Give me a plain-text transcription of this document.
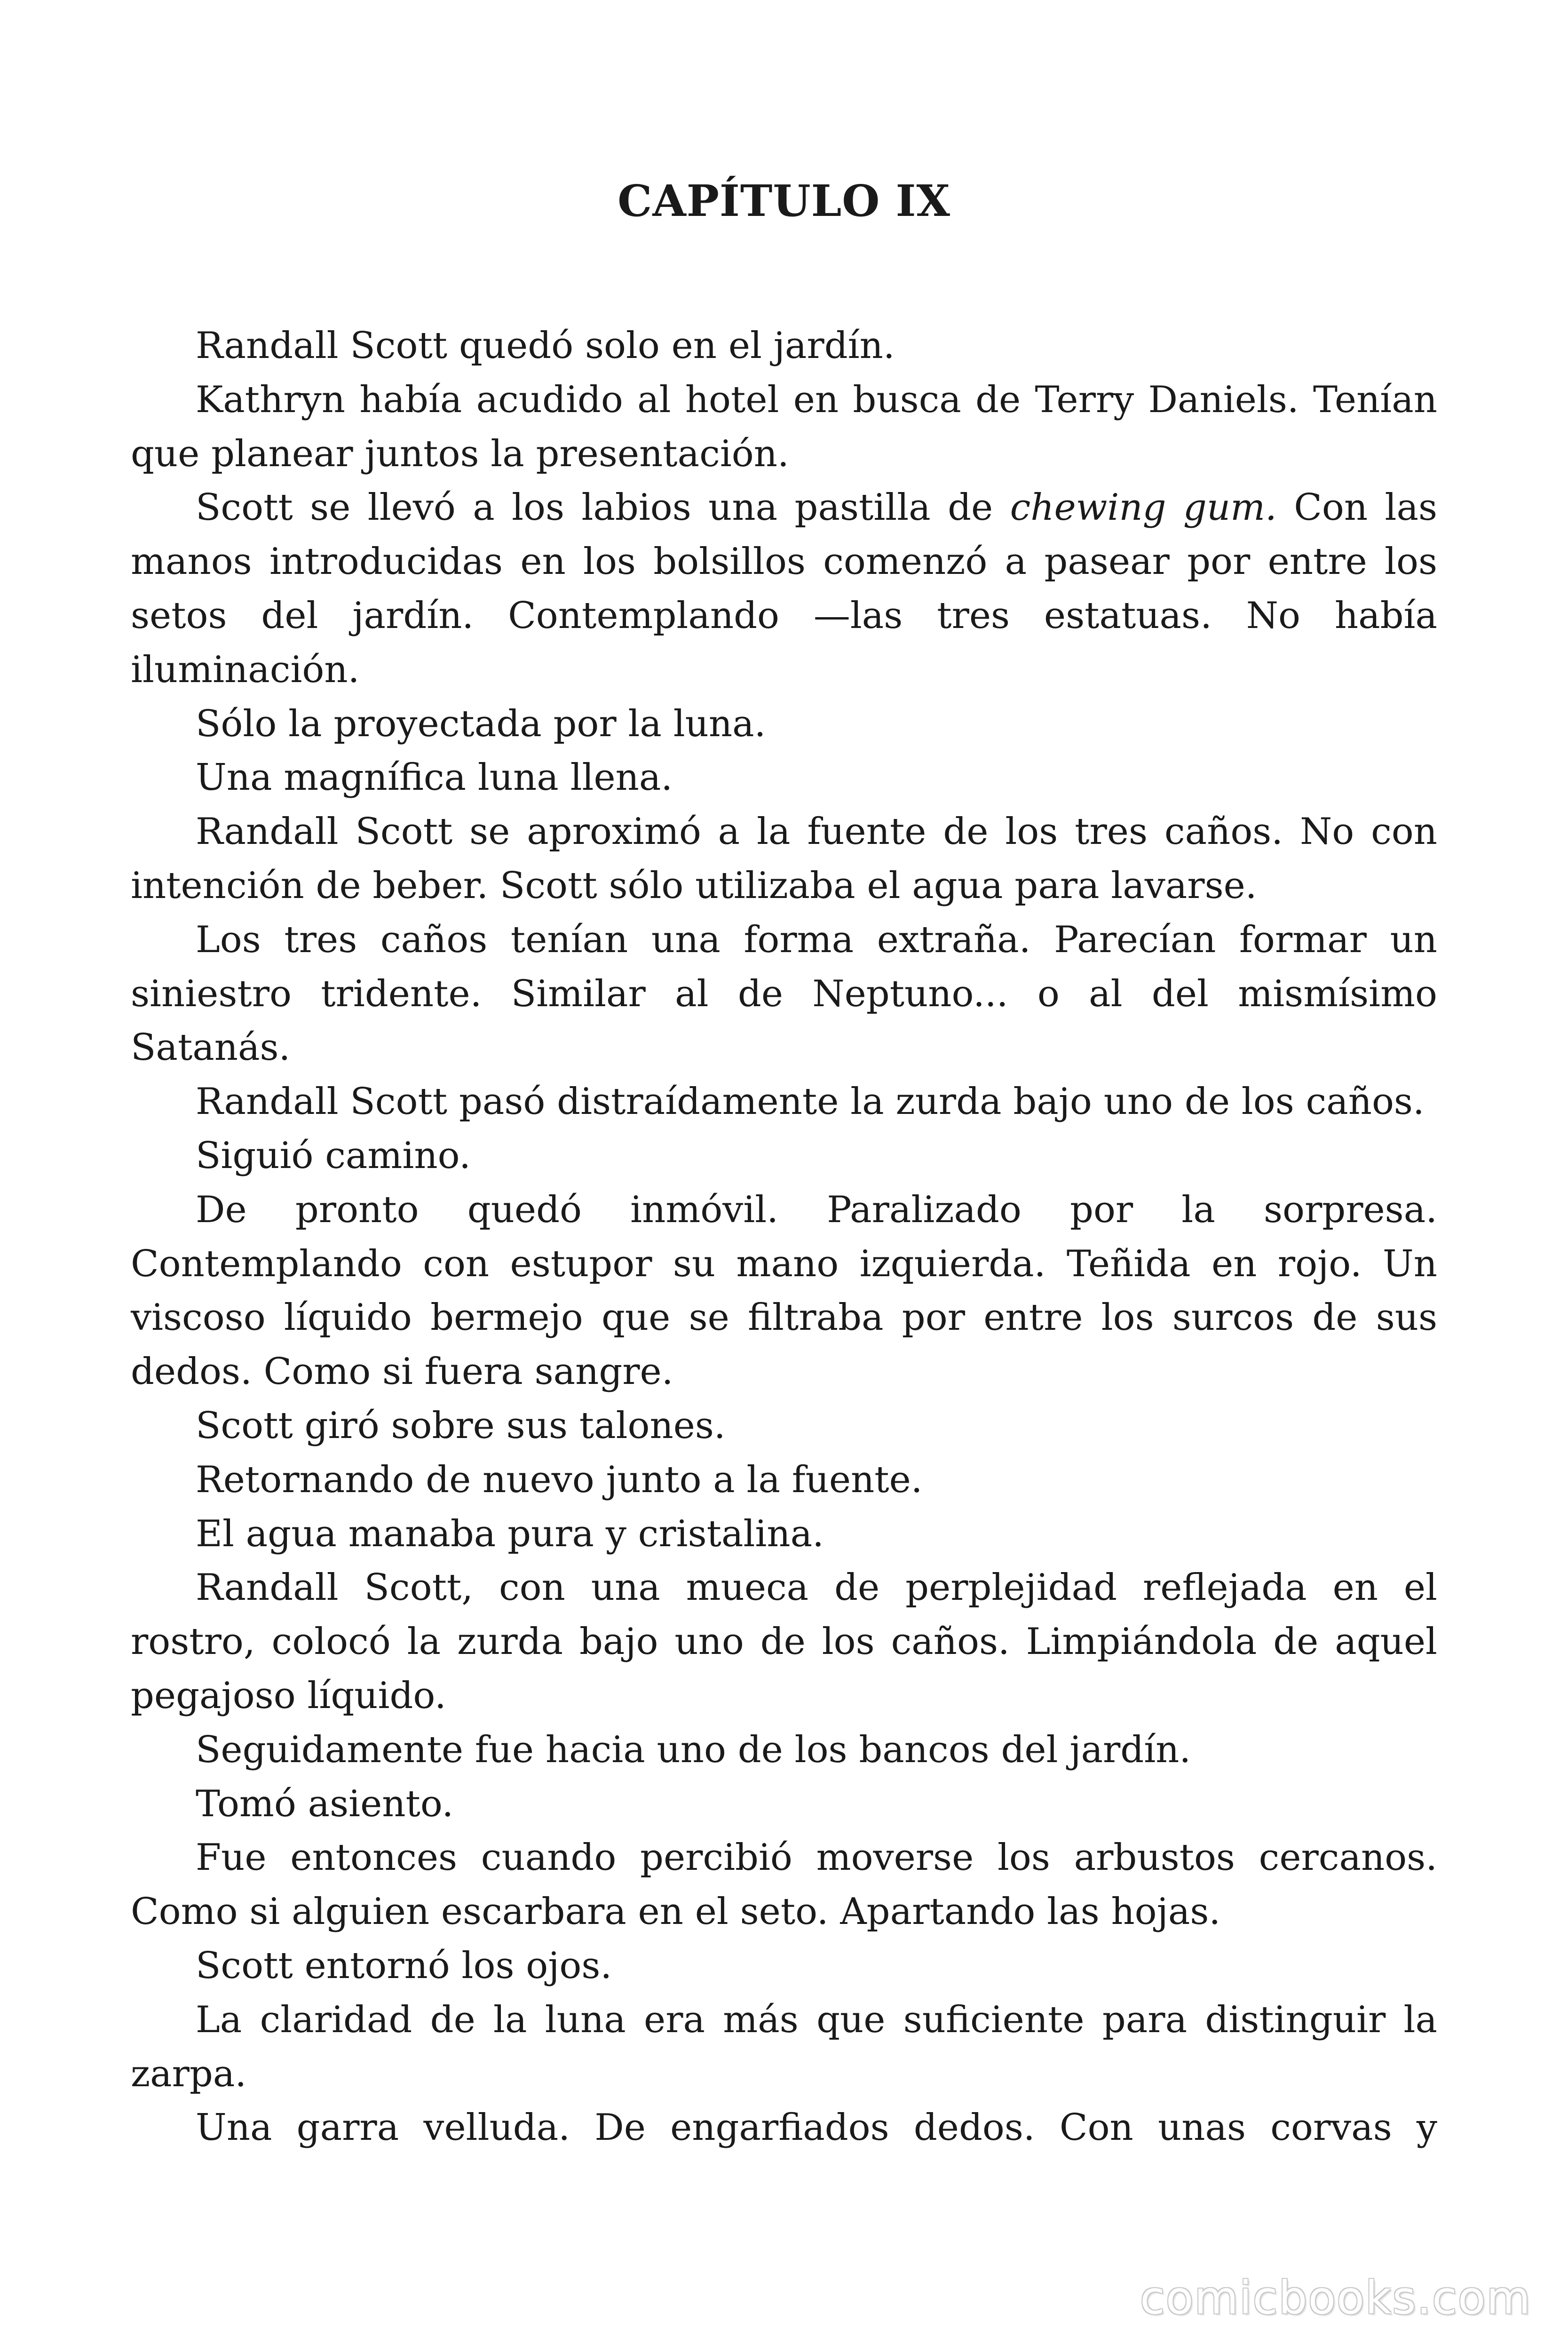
CAPÍTULO IX

Randall Scott quedó solo en el jardín.

Kathryn había acudido al hotel en busca de Terry Daniels. Tenían que planear juntos la presentación.

Scott se llevó a los labios una pastilla de chewing gum. Con las manos introducidas en los bolsillos comenzó a pasear por entre los setos del jardín. Contemplando —las tres estatuas. No había iluminación.

Sólo la proyectada por la luna.

Una magnífica luna llena.

Randall Scott se aproximó a la fuente de los tres caños. No con intención de beber. Scott sólo utilizaba el agua para lavarse.

Los tres caños tenían una forma extraña. Parecían formar un siniestro tridente. Similar al de Neptuno... o al del mismísimo Satanás.

Randall Scott pasó distraídamente la zurda bajo uno de los caños.

Siguió camino.

De pronto quedó inmóvil. Paralizado por la sorpresa. Contemplando con estupor su mano izquierda. Teñida en rojo. Un viscoso líquido bermejo que se filtraba por entre los surcos de sus dedos. Como si fuera sangre.

Scott giró sobre sus talones.

Retornando de nuevo junto a la fuente.

El agua manaba pura y cristalina.

Randall Scott, con una mueca de perplejidad reflejada en el rostro, colocó la zurda bajo uno de los caños. Limpiándola de aquel pegajoso líquido.

Seguidamente fue hacia uno de los bancos del jardín.

Tomó asiento.

Fue entonces cuando percibió moverse los arbustos cercanos. Como si alguien escarbara en el seto. Apartando las hojas.

Scott entornó los ojos.

La claridad de la luna era más que suficiente para distinguir la zarpa.

Una garra velluda. De engarfiados dedos. Con unas corvas y

comicbooks.com
